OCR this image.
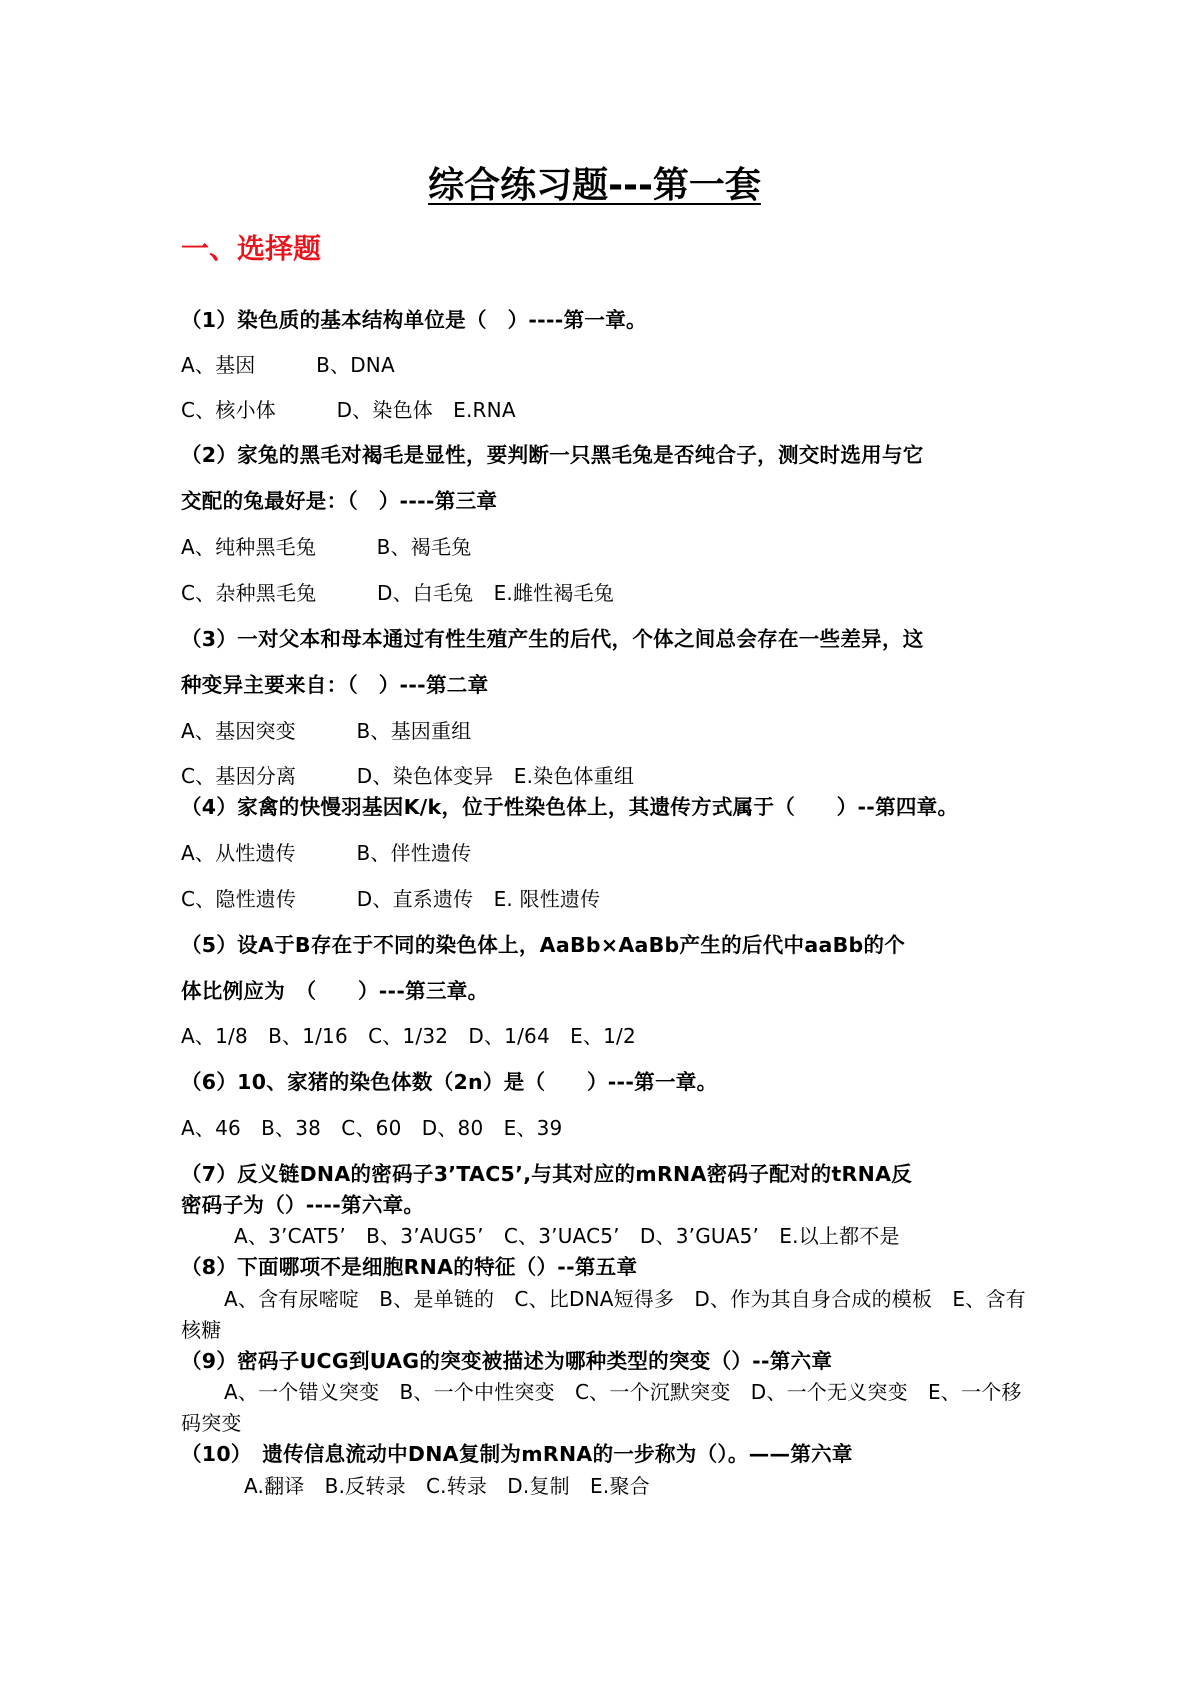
综合练习题---第一套
一、选择题
（1）染色质的基本结构单位是（　）----第一章。
A、基因　　　B、DNA
C、核小体　　　D、染色体　E.RNA
（2）家兔的黑毛对褐毛是显性，要判断一只黑毛兔是否纯合子，测交时选用与它
交配的兔最好是：（　）----第三章
A、纯种黑毛兔　　　B、褐毛兔
C、杂种黑毛兔　　　D、白毛兔　E.雌性褐毛兔
（3）一对父本和母本通过有性生殖产生的后代，个体之间总会存在一些差异，这
种变异主要来自：（　）---第二章
A、基因突变　　　B、基因重组
C、基因分离　　　D、染色体变异　E.染色体重组
（4）家禽的快慢羽基因K/k，位于性染色体上，其遗传方式属于（　　）--第四章。
A、从性遗传　　　B、伴性遗传
C、隐性遗传　　　D、直系遗传　E. 限性遗传
（5）设A于B存在于不同的染色体上，AaBb×AaBb产生的后代中aaBb的个
体比例应为　（　　）---第三章。
A、1/8　B、1/16　C、1/32　D、1/64　E、1/2
（6）10、家猪的染色体数（2n）是（　　）---第一章。
A、46　B、38　C、60　D、80　E、39
（7）反义链DNA的密码子3’TAC5’,与其对应的mRNA密码子配对的tRNA反
密码子为（）----第六章。
A、3’CAT5’　B、3’AUG5’　C、3’UAC5’　D、3’GUA5’　E.以上都不是
（8）下面哪项不是细胞RNA的特征（）--第五章
A、含有尿嘧啶　B、是单链的　C、比DNA短得多　D、作为其自身合成的模板　E、含有
核糖
（9）密码子UCG到UAG的突变被描述为哪种类型的突变（）--第六章
A、一个错义突变　B、一个中性突变　C、一个沉默突变　D、一个无义突变　E、一个移
码突变
（10）　遗传信息流动中DNA复制为mRNA的一步称为（）。——第六章
A.翻译　B.反转录　C.转录　D.复制　E.聚合
